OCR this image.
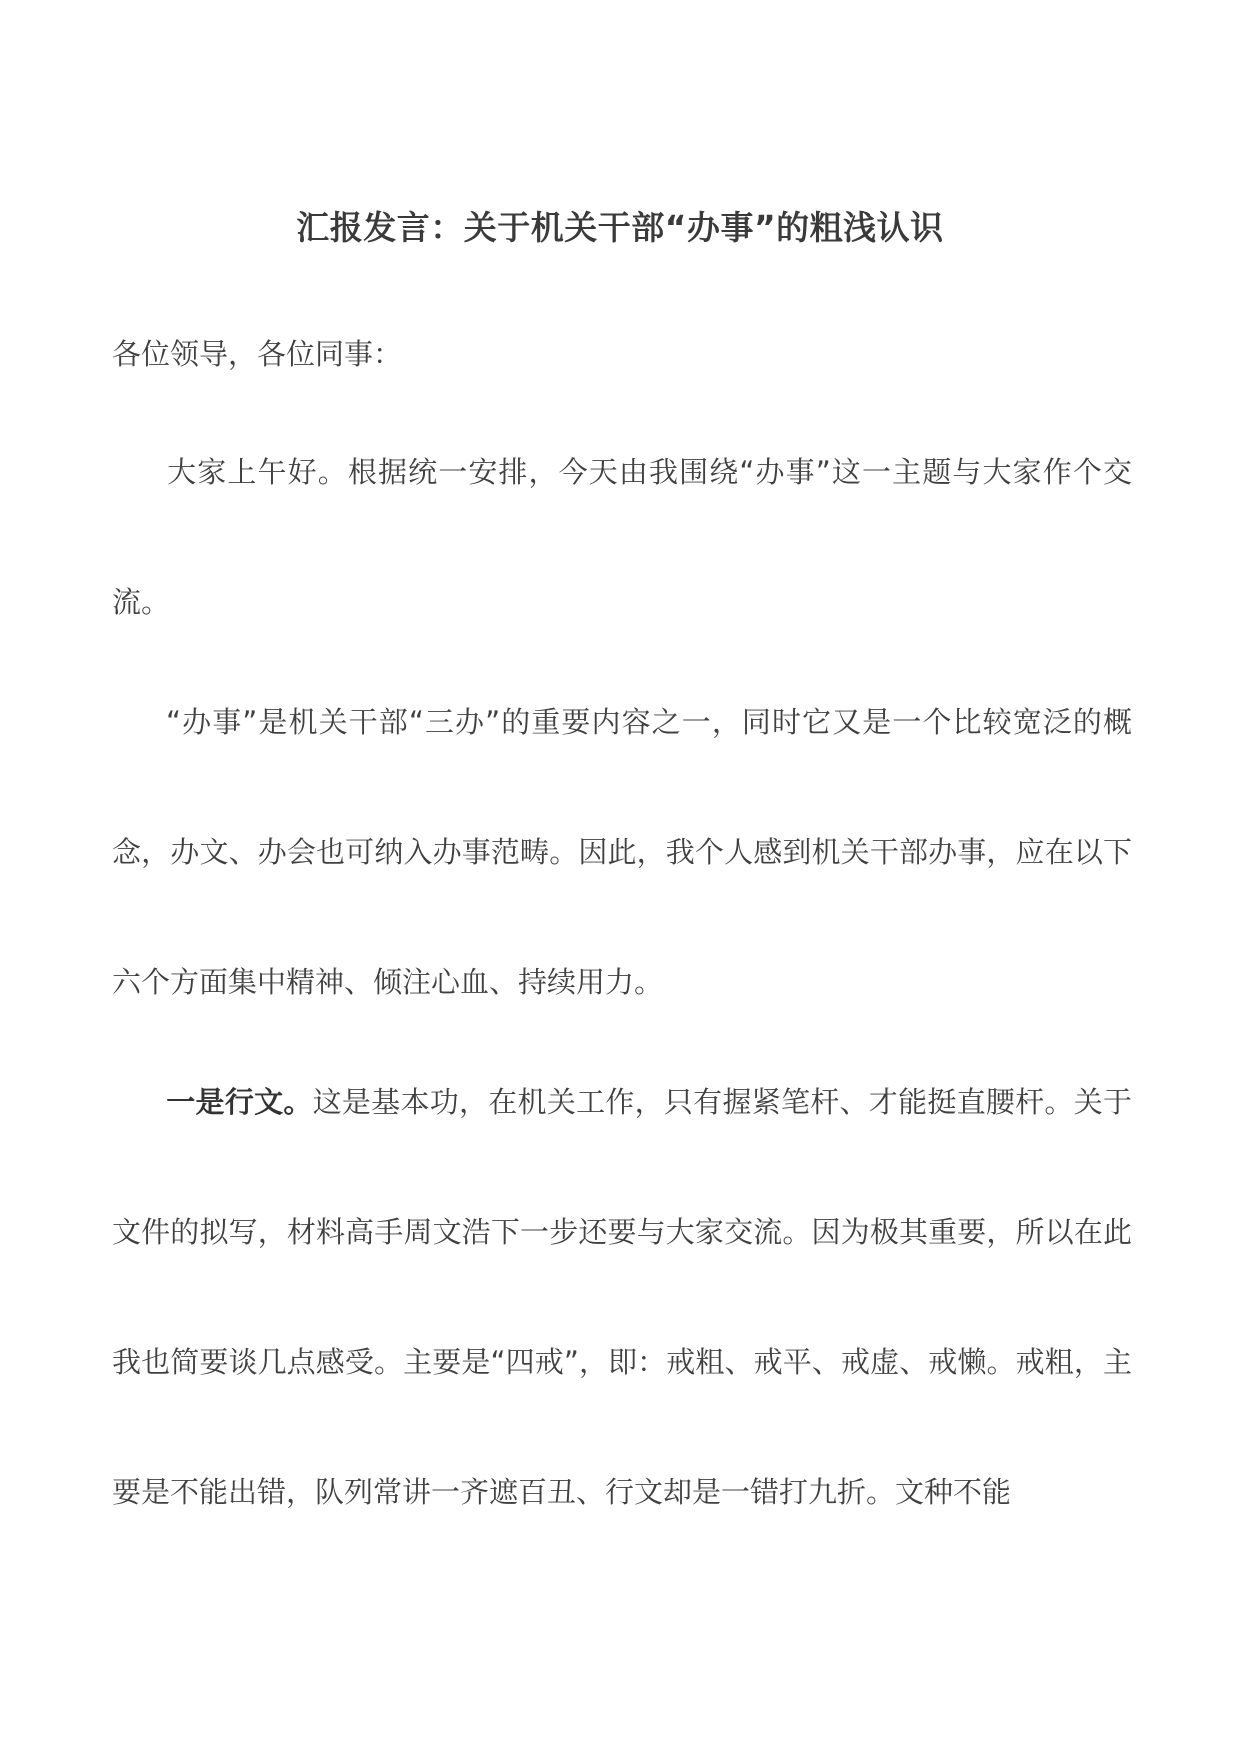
汇报发言：关于机关干部“办事”的粗浅认识
各位领导，各位同事：
大家上午好。根据统一安排，今天由我围绕“办事”这一主题与大家作个交流。
“办事”是机关干部“三办”的重要内容之一，同时它又是一个比较宽泛的概念，办文、办会也可纳入办事范畴。因此，我个人感到机关干部办事，应在以下六个方面集中精神、倾注心血、持续用力。
一是行文。这是基本功，在机关工作，只有握紧笔杆、才能挺直腰杆。关于文件的拟写，材料高手周文浩下一步还要与大家交流。因为极其重要，所以在此我也简要谈几点感受。主要是“四戒”，即：戒粗、戒平、戒虚、戒懒。戒粗，主要是不能出错，队列常讲一齐遮百丑、行文却是一错打九折。文种不能
